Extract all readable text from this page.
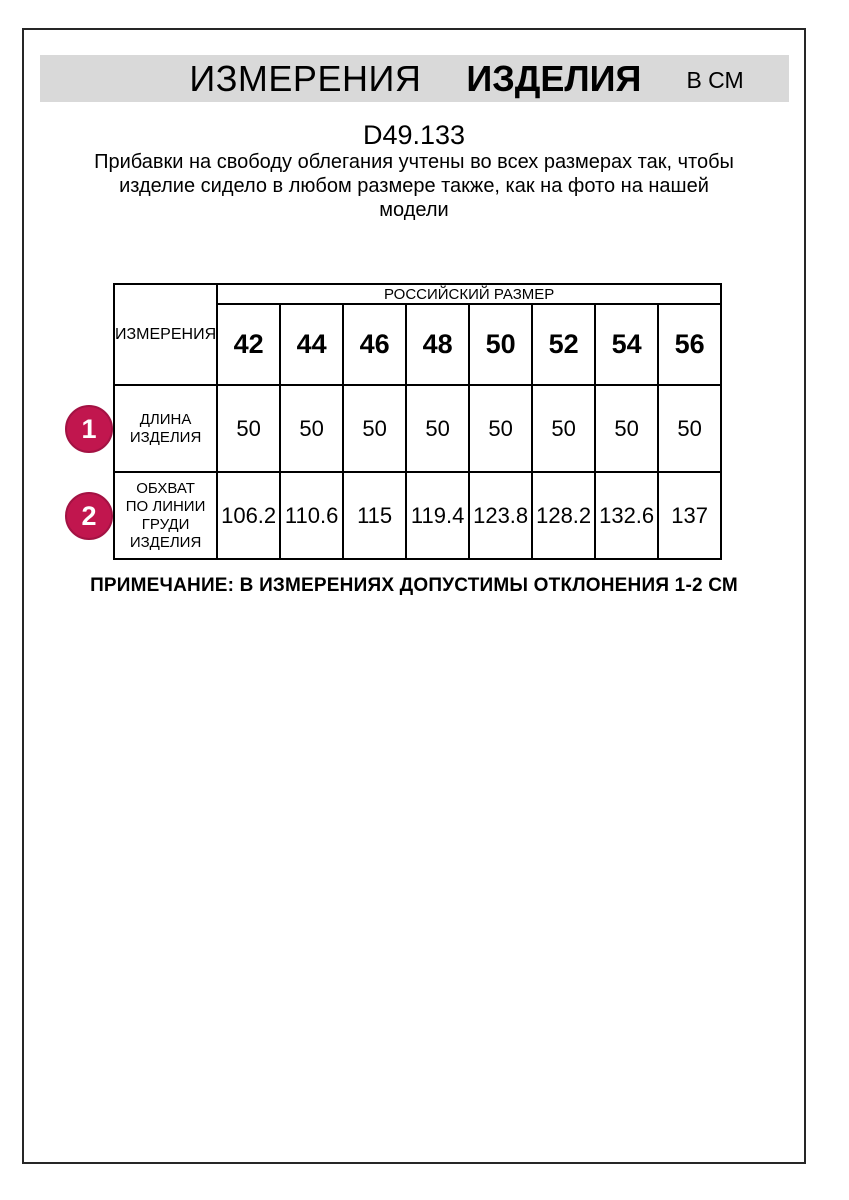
ИЗМЕРЕНИЯ ИЗДЕЛИЯ В СМ
D49.133
Прибавки на свободу облегания учтены во всех размерах так, чтобы
изделие сидело в любом размере также, как на фото на нашей
модели
1
2
ИЗМЕРЕНИЯ	РОССИЙСКИЙ РАЗМЕР							
	42	44	46	48	50	52	54	56
ДЛИНА ИЗДЕЛИЯ	50	50	50	50	50	50	50	50
ОБХВАТ ПО ЛИНИИ ГРУДИ ИЗДЕЛИЯ	106.2	110.6	115	119.4	123.8	128.2	132.6	137
ПРИМЕЧАНИЕ: В ИЗМЕРЕНИЯХ ДОПУСТИМЫ ОТКЛОНЕНИЯ 1-2 СМ
